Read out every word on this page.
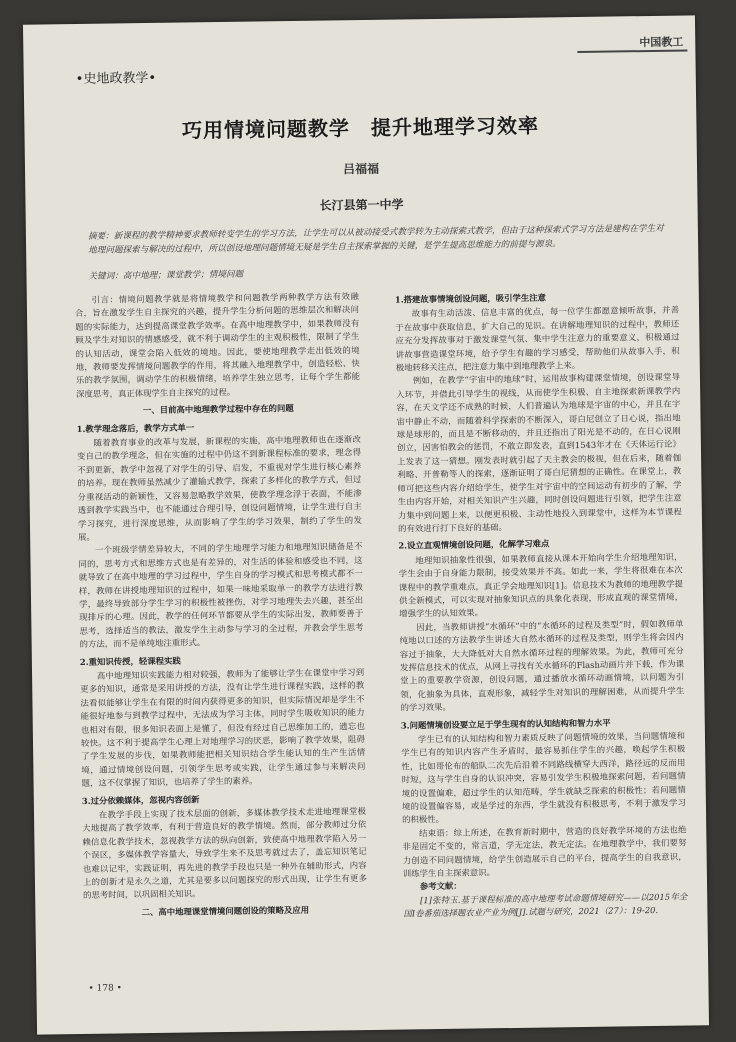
中国教工
•史地政教学•
巧用情境问题教学　提升地理学习效率
吕福福
长汀县第一中学
摘要：新课程的教学精神要求教师转变学生的学习方法，让学生可以从被动接受式教学转为主动探索式教学，但由于这种探索式学习方法是建构在学生对地理问题探索与解决的过程中，所以创设地理问题情境无疑是学生自主探索掌握的关键，是学生提高思维能力的前提与源泉。
关键词：高中地理；课堂教学；情境问题

引言：情境问题教学就是将情境教学和问题教学两种教学方法有效融合，旨在激发学生自主探究的兴趣，提升学生分析问题的思维层次和解决问题的实际能力，达到提高课堂教学效率。在高中地理教学中，如果教师没有顾及学生对知识的情感感受，就不利于调动学生的主观积极性，限制了学生的认知活动，课堂会陷入低效的境地。因此，要使地理教学走出低效的境地，教师要发挥情境问题教学的作用，将其融入地理教学中，创造轻松、快乐的教学氛围，调动学生的积极情绪，培养学生独立思考，让每个学生都能深度思考，真正体现学生自主探究的过程。

一、目前高中地理教学过程中存在的问题

1.教学理念落后，教学方式单一

随着教育事业的改革与发展，新课程的实施，高中地理教师也在逐渐改变自己的教学理念，但在实施的过程中仍这不到新课程标准的要求，理念得不到更新，教学中忽视了对学生的引导、启发，不重视对学生进行核心素养的培养。现在教师虽然减少了灌输式教学，探索了多样化的教学方式，但过分重视活动的新颖性，又容易忽略教学效果，使教学理念浮于表面，不能渗透到教学实践当中，也不能通过合理引导，创设问题情境，让学生进行自主学习探究，进行深度思维，从而影响了学生的学习效果，制约了学生的发展。

一个班级学情差异较大，不同的学生地理学习能力和地理知识储备是不同的，思考方式和思维方式也是有差异的，对生活的体验和感受也不同，这就导致了在高中地理的学习过程中，学生自身的学习模式和思考模式都不一样，教师在讲授地理知识的过程中，如果一味地采取单一的教学方法进行教学，最终导致部分学生学习的积极性被挫伤，对学习地理失去兴趣，甚至出现排斥的心理。因此，教学的任何环节都要从学生的实际出发，教师要善于思考，选择适当的教法，激发学生主动参与学习的全过程，并教会学生思考的方法，而不是单纯地注重形式。

2.重知识传授，轻课程实践

高中地理知识实践能力相对较强，教师为了能够让学生在课堂中学习到更多的知识，通常是采用讲授的方法，没有让学生进行课程实践，这样的教法看似能够让学生在有限的时间内获得更多的知识，但实际情况却是学生不能很好地参与到教学过程中，无法成为学习主体，同时学生吸收知识的能力也相对有限，很多知识表面上是懂了，但没有经过自己思维加工的，遗忘也较快。这不利于提高学生心理上对地理学习的厌恶，影响了教学效果，阻碍了学生发展的步伐，如果教师能把相关知识结合学生能认知的生产生活情境，通过情境创设问题，引领学生思考或实践，让学生通过参与来解决问题，这不仅掌握了知识，也培养了学生的素养。

3.过分依赖媒体，忽视内容创新

在教学手段上实现了技术层面的创新，多媒体教学技术走进地理课堂极大地提高了教学效率，有利于营造良好的教学情境。然而，部分教师过分依赖信息化教学技术，忽视教学方法的纵向创新，致使高中地理教学陷入另一个误区，多媒体教学容量大，导致学生来不及思考就过去了，盖忘知识笔记也难以记牢，实践证明，再先进的教学手段也只是一种外在辅助形式，内容上的创新才是永久之道，尤其是要多以问题探究的形式出现，让学生有更多的思考时间，以巩固相关知识。

二、高中地理课堂情境问题创设的策略及应用

1.搭建故事情境创设问题，吸引学生注意

故事有生动活泼、信息丰富的优点，每一位学生都愿意倾听故事，并善于在故事中获取信息，扩大自己的见识。在讲解地理知识的过程中，教师还应充分发挥故事对于激发课堂气氛、集中学生注意力的重要意义，积极通过讲故事营造课堂环境，给予学生有趣的学习感受，帮助他们从故事入手，积极地转移关注点，把注意力集中到地理教学上来。

例如，在教学“宇宙中的地球”时，运用故事构建课堂情境，创设课堂导入环节，并借此引导学生的视线，从而使学生积极、自主地探索新课教学内容，在天文学还不成熟的时候，人们普遍认为地球是宇宙的中心，并且在宇宙中静止不动，而随着科学探索的不断深入，哥白尼创立了日心说，指出地球是球形的，而且是不断移动的，并且还指出了阳光是不动的，在日心说刚创立，因害怕教会的惩罚，不敢立即发表，直到1543年才在《天体运行论》上发表了这一猜想。刚发表时就引起了天主教会的极视，但在后来，随着伽利略、开普勒等人的探索，逐渐证明了哥白尼猜想的正确性。在课堂上，教师可把这些内容介绍给学生，使学生对宇宙中的空间运动有初步的了解，学生由内容开始，对相关知识产生兴趣，同时创设问题进行引领，把学生注意力集中到问题上来，以便更积极、主动性地投入到课堂中，这样为本节课程的有效进行打下良好的基础。

2.设立直观情境创设问题，化解学习难点

地理知识抽象性很强，如果教师直接从课本开始向学生介绍地理知识，学生会由于自身能力限制，接受效果并不高。如此一来，学生将很难在本次课程中的教学重难点，真正学会地理知识[1]。信息技术为教师的地理教学提供全新模式，可以实现对抽象知识点的具象化表现，形成直观的课堂情境，增强学生的认知效果。

因此，当教师讲授“水循环”中的“水循环的过程及类型”时，假如教师单纯地以口述的方法教学生讲述大自然水循环的过程及类型，则学生将会因内容过于抽象，大大降低对大自然水循环过程的理解效果。为此，教师可充分发挥信息技术的优点，从网上寻找有关水循环的Flash动画片并下载，作为课堂上的重要教学资源，创设问题，通过播放水循环动画情境，以问题为引领，化抽象为具体，直观形象，减轻学生对知识的理解困难，从而提升学生的学习效果。

3.问题情境创设要立足于学生现有的认知结构和智力水平

学生已有的认知结构和智力素质反映了问题情境的效果，当问题情境和学生已有的知识内容产生矛盾时，最容易抓住学生的兴趣，唤起学生积极性，比如哥伦布的船队二次先后沿着不同路线横穿大西洋，路径远的反而用时短，这与学生自身的认识冲突，容易引发学生积极地探索问题，若问题情境的设置偏难，超过学生的认知范畴，学生就缺乏探索的积极性；若问题情境的设置偏容易，或是学过的东西，学生就没有积极思考，不利于激发学习的积极性。

结束语：综上所述，在教育新时期中，营造的良好教学环境的方法也绝非是固定不变的，常言道，学无定法，教无定法。在地理教学中，我们要努力创造不同问题情境，给学生创造展示自己的平台，提高学生的自我意识，训练学生自主探索意识。

参考文献：

[1]张特玉.基于课程标准的高中地理考试命题情境研究——以2015年全国Ⅰ卷番茄选择题农业产业为例[J].试题与研究，2021（27）：19-20.

• 178 •
